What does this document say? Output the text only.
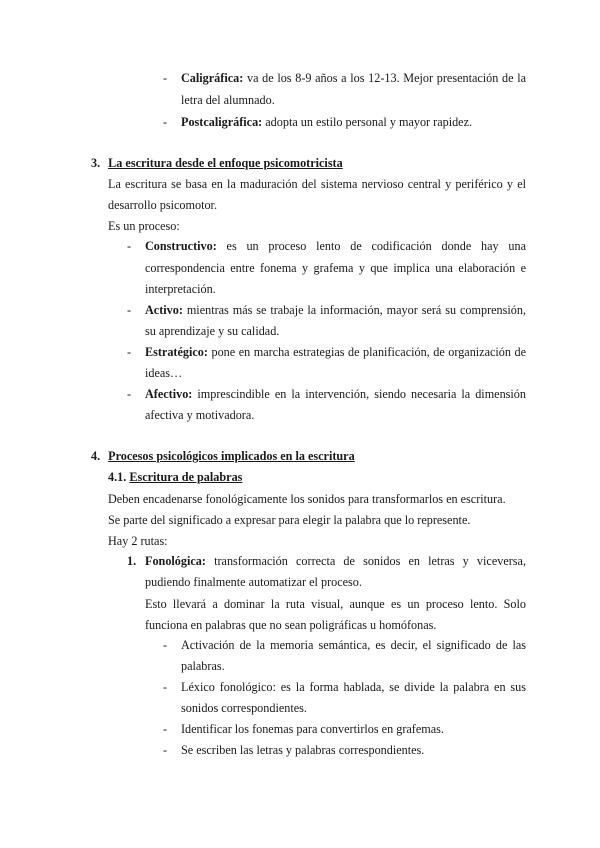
- Caligráfica: va de los 8-9 años a los 12-13. Mejor presentación de la
letra del alumnado.
- Postcaligráfica: adopta un estilo personal y mayor rapidez.
3. La escritura desde el enfoque psicomotricista
La escritura se basa en la maduración del sistema nervioso central y periférico y el
desarrollo psicomotor.
Es un proceso:
- Constructivo: es un proceso lento de codificación donde hay una
correspondencia entre fonema y grafema y que implica una elaboración e
interpretación.
- Activo: mientras más se trabaje la información, mayor será su comprensión,
su aprendizaje y su calidad.
- Estratégico: pone en marcha estrategias de planificación, de organización de
ideas…
- Afectivo: imprescindible en la intervención, siendo necesaria la dimensión
afectiva y motivadora.
4. Procesos psicológicos implicados en la escritura
4.1. Escritura de palabras
Deben encadenarse fonológicamente los sonidos para transformarlos en escritura.
Se parte del significado a expresar para elegir la palabra que lo represente.
Hay 2 rutas:
1. Fonológica: transformación correcta de sonidos en letras y viceversa,
pudiendo finalmente automatizar el proceso.
Esto llevará a dominar la ruta visual, aunque es un proceso lento. Solo
funciona en palabras que no sean poligráficas u homófonas.
- Activación de la memoria semántica, es decir, el significado de las
palabras.
- Léxico fonológico: es la forma hablada, se divide la palabra en sus
sonidos correspondientes.
- Identificar los fonemas para convertirlos en grafemas.
- Se escriben las letras y palabras correspondientes.
